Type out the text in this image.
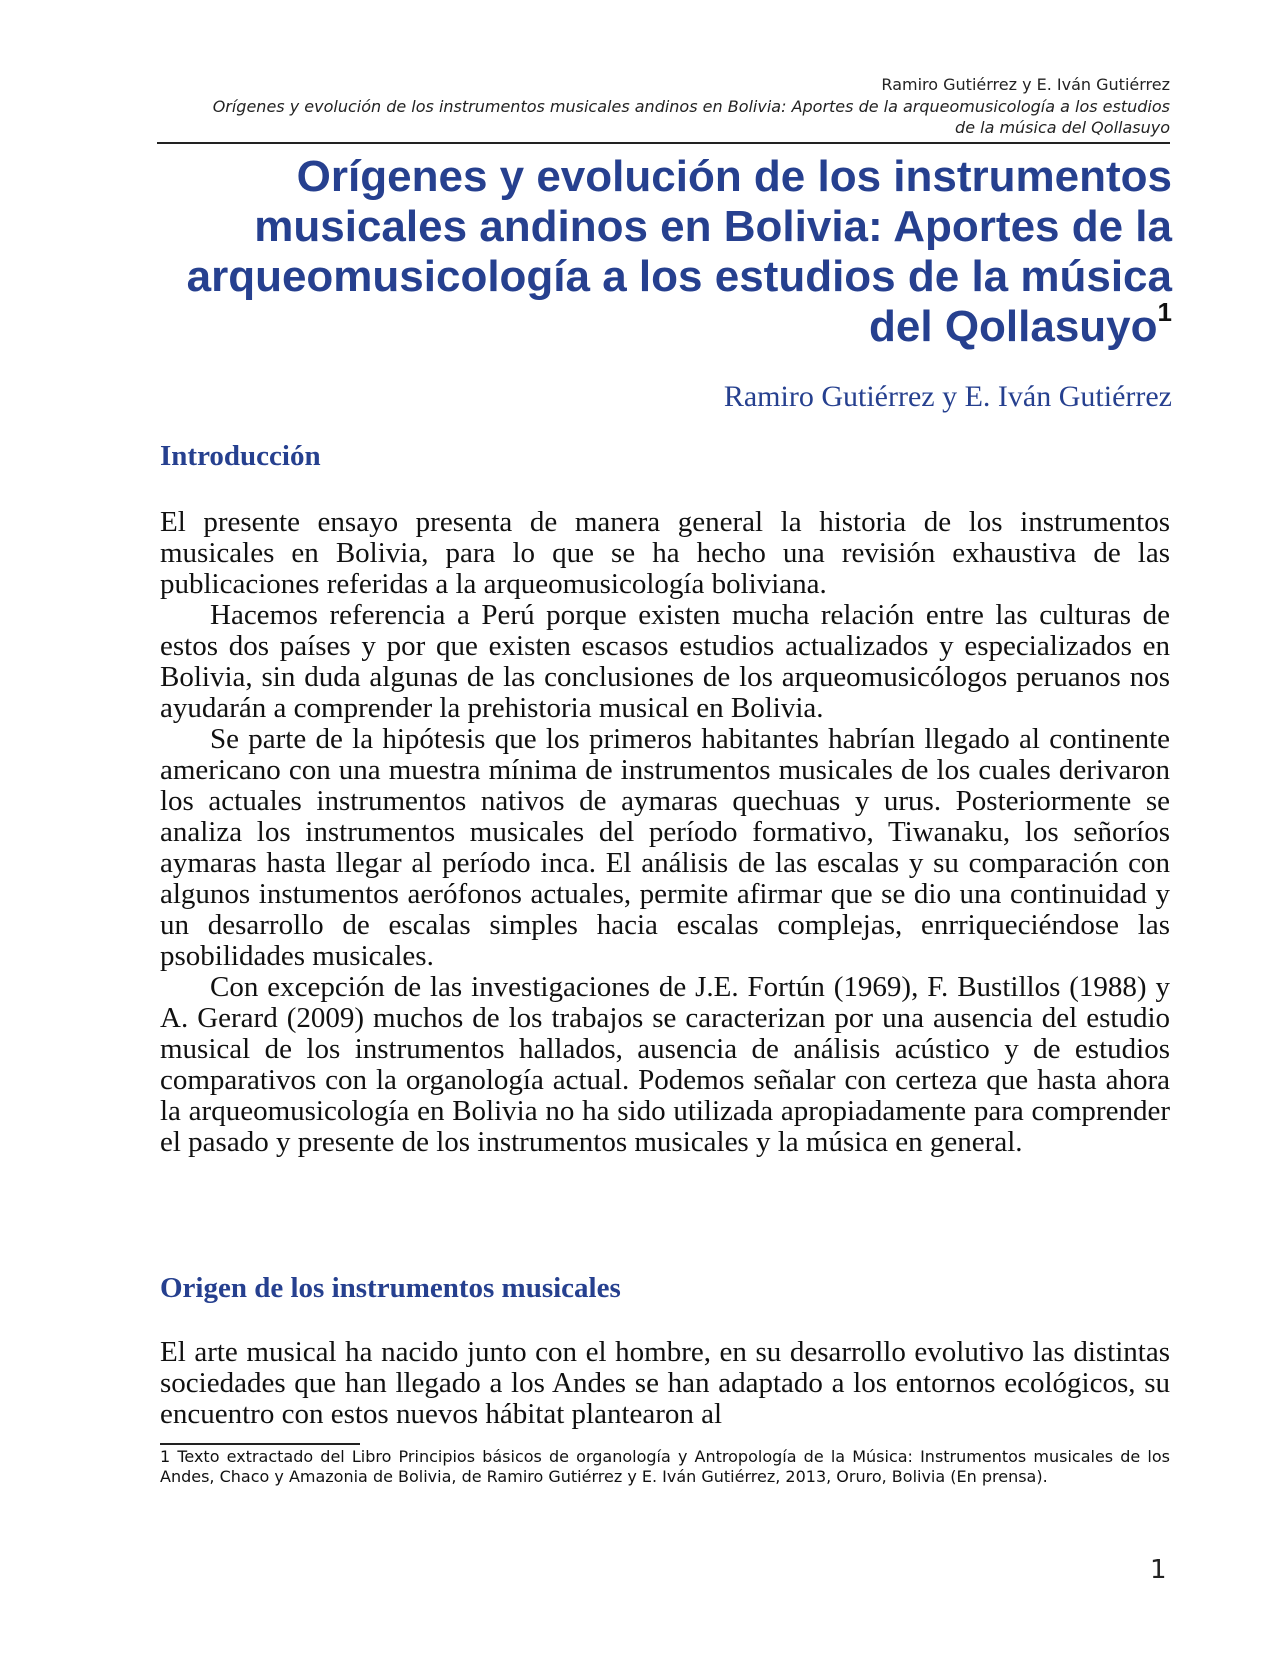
Ramiro Gutiérrez y E. Iván Gutiérrez
Orígenes y evolución de los instrumentos musicales andinos en Bolivia: Aportes de la arqueomusicología a los estudios
de la música del Qollasuyo
Orígenes y evolución de los instrumentos musicales andinos en Bolivia: Aportes de la arqueomusicología a los estudios de la música del Qollasuyo$^1$
Ramiro Gutiérrez y E. Iván Gutiérrez
Introducción

El presente ensayo presenta de manera general la historia de los instrumentos musicales en Bolivia, para lo que se ha hecho una revisión exhaustiva de las publicaciones referidas a la arqueomusicología boliviana.

Hacemos referencia a Perú porque existen mucha relación entre las culturas de estos dos países y por que existen escasos estudios actualizados y especializados en Bolivia, sin duda algunas de las conclusiones de los arqueomusicólogos peruanos nos ayudarán a comprender la prehistoria musical en Bolivia.

Se parte de la hipótesis que los primeros habitantes habrían llegado al continente americano con una muestra mínima de instrumentos musicales de los cuales derivaron los actuales instrumentos nativos de aymaras quechuas y urus. Posteriormente se analiza los instrumentos musicales del período formativo, Tiwanaku, los señoríos aymaras hasta llegar al período inca. El análisis de las escalas y su comparación con algunos instumentos aerófonos actuales, permite afirmar que se dio una continuidad y un desarrollo de escalas simples hacia escalas complejas, enrriqueciéndose las psobilidades musicales.

Con excepción de las investigaciones de J.E. Fortún (1969), F. Bustillos (1988) y A. Gerard (2009) muchos de los trabajos se caracterizan por una ausencia del estudio musical de los instrumentos hallados, ausencia de análisis acústico y de estudios comparativos con la organología actual. Podemos señalar con certeza que hasta ahora la arqueomusicología en Bolivia no ha sido utilizada apropiadamente para comprender el pasado y presente de los instrumentos musicales y la música en general.

Origen de los instrumentos musicales

El arte musical ha nacido junto con el hombre, en su desarrollo evolutivo las distintas sociedades que han llegado a los Andes se han adaptado a los entornos ecológicos, su encuentro con estos nuevos hábitat plantearon al

1 Texto extractado del Libro Principios básicos de organología y Antropología de la Música: Instrumentos musicales de los Andes, Chaco y Amazonia de Bolivia, de Ramiro Gutiérrez y E. Iván Gutiérrez, 2013, Oruro, Bolivia (En prensa).

1
